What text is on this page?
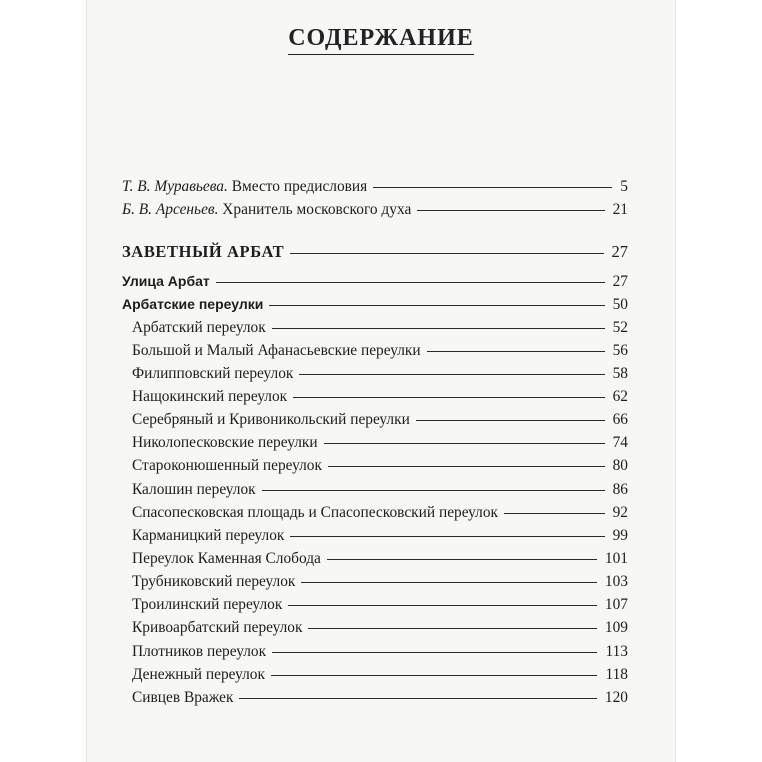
СОДЕРЖАНИЕ
Т. В. Муравьева. Вместо предисловия	5
Б. В. Арсеньев. Хранитель московского духа	21
ЗАВЕТНЫЙ АРБАТ	27
Улица Арбат	27
Арбатские переулки	50
Арбатский переулок	52
Большой и Малый Афанасьевские переулки	56
Филипповский переулок	58
Нащокинский переулок	62
Серебряный и Кривоникольский переулки	66
Николопесковские переулки	74
Староконюшенный переулок	80
Калошин переулок	86
Спасопесковская площадь и Спасопесковский переулок	92
Карманицкий переулок	99
Переулок Каменная Слобода	101
Трубниковский переулок	103
Троилинский переулок	107
Кривоарбатский переулок	109
Плотников переулок	113
Денежный переулок	118
Сивцев Вражек	120
